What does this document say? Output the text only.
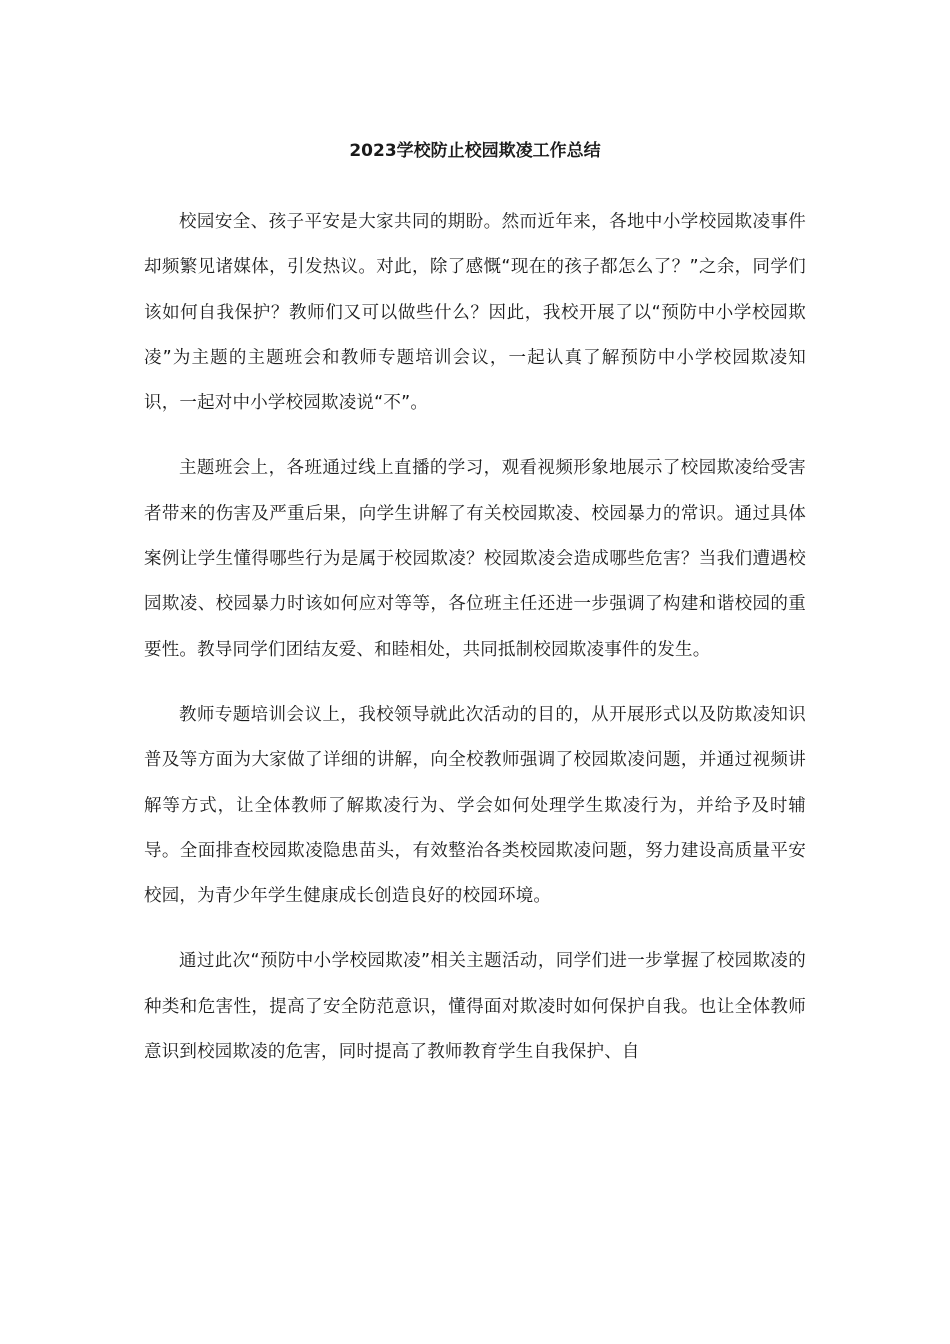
2023学校防止校园欺凌工作总结

校园安全、孩子平安是大家共同的期盼。然而近年来，各地中小学校园欺凌事件却频繁见诸媒体，引发热议。对此，除了感慨“现在的孩子都怎么了？”之余，同学们该如何自我保护？教师们又可以做些什么？因此，我校开展了以“预防中小学校园欺凌”为主题的主题班会和教师专题培训会议，一起认真了解预防中小学校园欺凌知识，一起对中小学校园欺凌说“不”。

主题班会上，各班通过线上直播的学习，观看视频形象地展示了校园欺凌给受害者带来的伤害及严重后果，向学生讲解了有关校园欺凌、校园暴力的常识。通过具体案例让学生懂得哪些行为是属于校园欺凌？校园欺凌会造成哪些危害？当我们遭遇校园欺凌、校园暴力时该如何应对等等，各位班主任还进一步强调了构建和谐校园的重要性。教导同学们团结友爱、和睦相处，共同抵制校园欺凌事件的发生。

教师专题培训会议上，我校领导就此次活动的目的，从开展形式以及防欺凌知识普及等方面为大家做了详细的讲解，向全校教师强调了校园欺凌问题，并通过视频讲解等方式，让全体教师了解欺凌行为、学会如何处理学生欺凌行为，并给予及时辅导。全面排查校园欺凌隐患苗头，有效整治各类校园欺凌问题，努力建设高质量平安校园，为青少年学生健康成长创造良好的校园环境。

通过此次“预防中小学校园欺凌”相关主题活动，同学们进一步掌握了校园欺凌的种类和危害性，提高了安全防范意识，懂得面对欺凌时如何保护自我。也让全体教师意识到校园欺凌的危害，同时提高了教师教育学生自我保护、自
